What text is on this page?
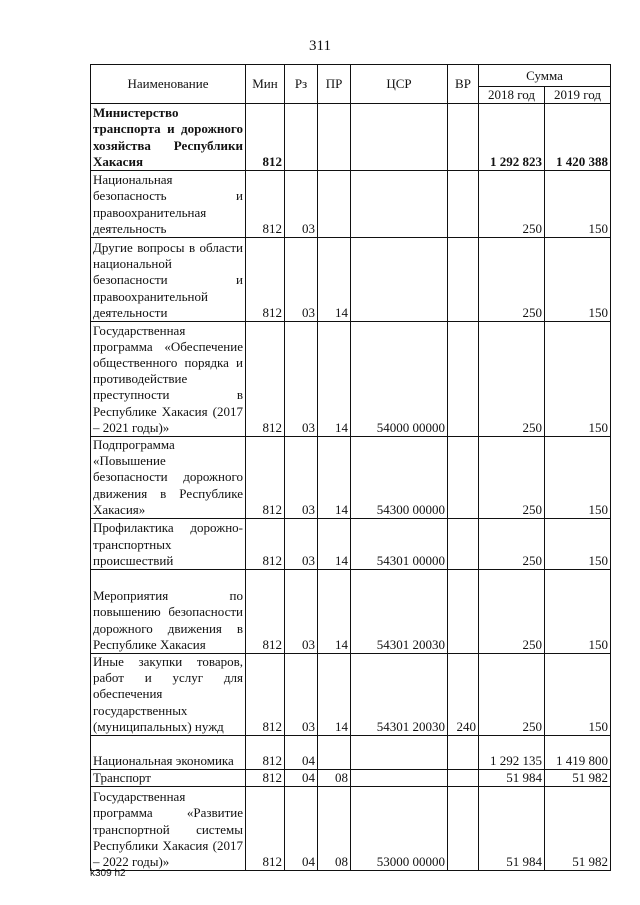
311
Наименование	Мин	Рз	ПР	ЦСР	ВР	Сумма	
						2018 год	2019 год
Министерство транспорта и дорожного хозяйства Республики Хакасия	812					1 292 823	1 420 388
Национальная безопасность и правоохранительная деятельность	812	03				250	150
Другие вопросы в области национальной безопасности и правоохранительной деятельности	812	03	14			250	150
Государственная программа «Обеспечение общественного порядка и противодействие преступности в Республике Хакасия (2017 – 2021 годы)»	812	03	14	54000 00000		250	150
Подпрограмма «Повышение безопасности дорожного движения в Республике Хакасия»	812	03	14	54300 00000		250	150
Профилактика дорожно-транспортных происшествий	812	03	14	54301 00000		250	150
Мероприятия по повышению безопасности дорожного движения в Республике Хакасия	812	03	14	54301 20030		250	150
Иные закупки товаров, работ и услуг для обеспечения государственных (муниципальных) нужд	812	03	14	54301 20030	240	250	150
Национальная экономика	812	04				1 292 135	1 419 800
Транспорт	812	04	08			51 984	51 982
Государственная программа «Развитие транспортной системы Республики Хакасия (2017 – 2022 годы)»	812	04	08	53000 00000		51 984	51 982
k309 h2
